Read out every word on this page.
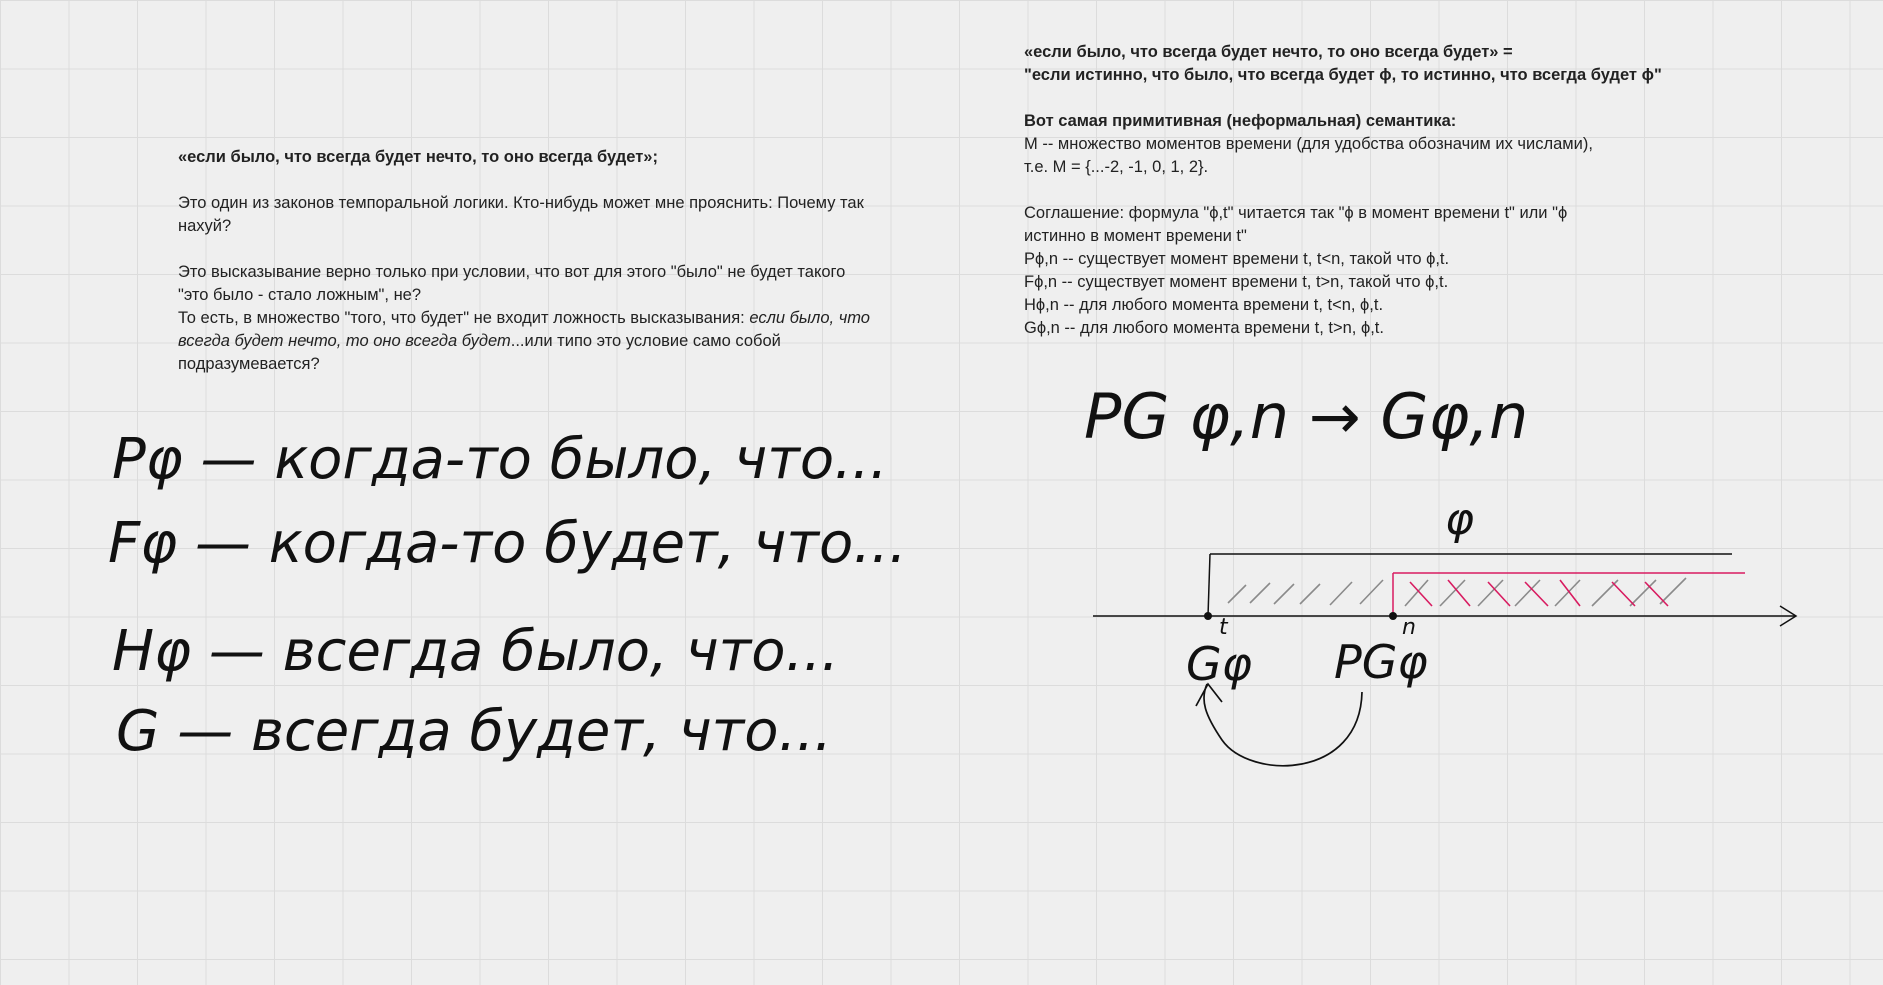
«если было, что всегда будет нечто, то оно всегда будет»;

Это один из законов темпоральной логики. Кто-нибудь может мне прояснить: Почему так нахуй?

Это высказывание верно только при условии, что вот для этого "было" не будет такого "это было - стало ложным", не?

То есть, в множество "того, что будет" не входит ложность высказывания: если было, что всегда будет нечто, то оно всегда будет...или типо это условие само собой подразумевается?

«если было, что всегда будет нечто, то оно всегда будет» =

"если истинно, что было, что всегда будет ϕ, то истинно, что всегда будет ϕ"

Вот самая примитивная (неформальная) семантика:

М -- множество моментов времени (для удобства обозначим их числами),

т.е. М = {...-2, -1, 0, 1, 2}.

Соглашение: формула "ϕ,t" читается так "ϕ в момент времени t" или "ϕ

истинно в момент времени t"

Pϕ,n -- существует момент времени t, t<n, такой что ϕ,t.

Fϕ,n -- существует момент времени t, t>n, такой что ϕ,t.

Hϕ,n -- для любого момента времени t, t<n, ϕ,t.

Gϕ,n -- для любого момента времени t, t>n, ϕ,t.

Pφ — когда-то было, что...
Fφ — когда-то будет, что...
Hφ — всегда было, что...
G — всегда будет, что...
PG φ,n → Gφ,n
φ
t	n
Gφ PGφ
